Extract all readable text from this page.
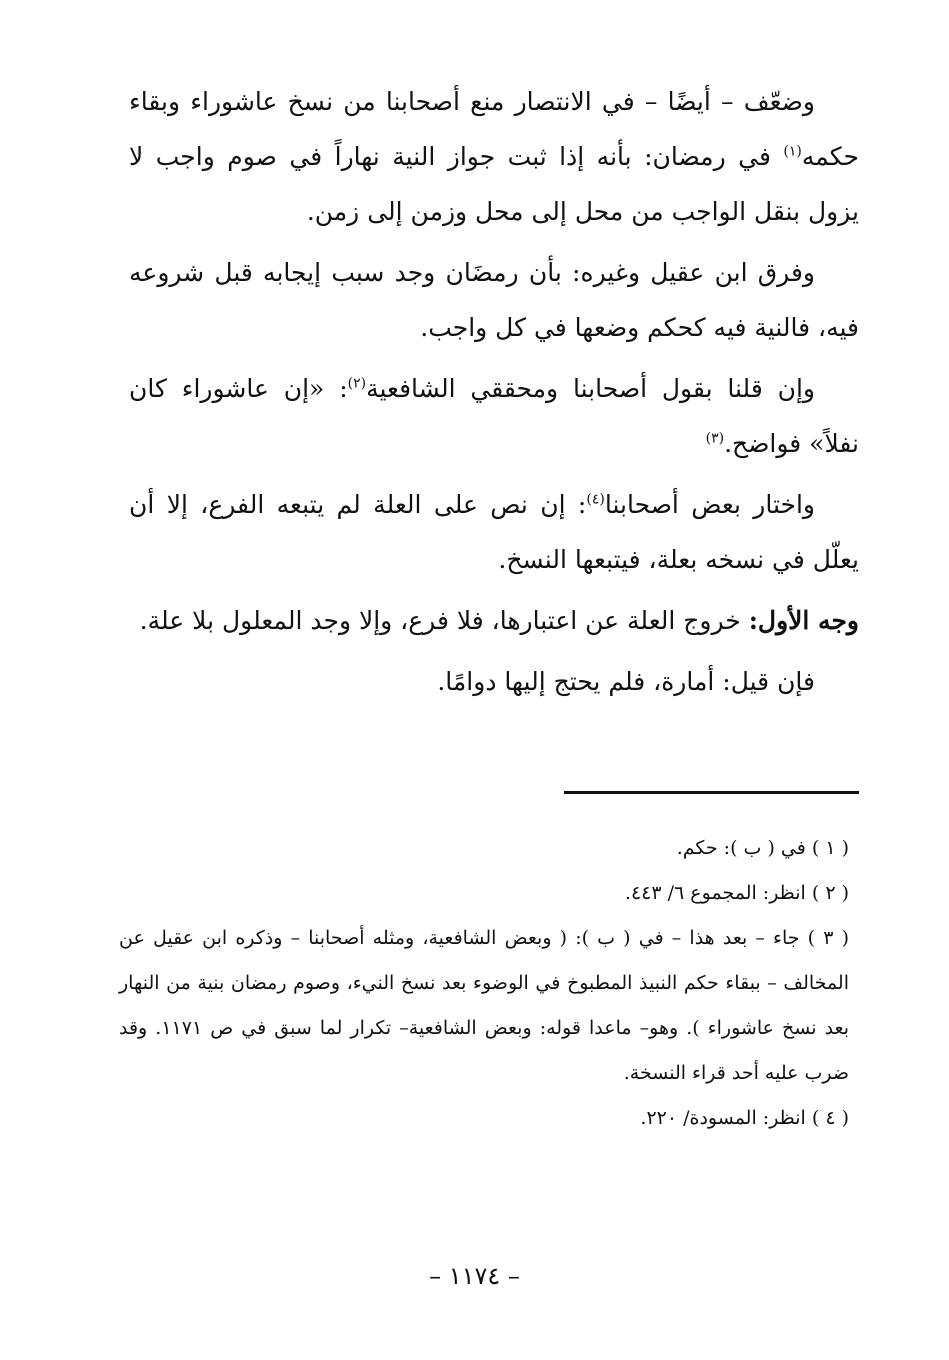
وضعّف – أيضًا – في الانتصار منع أصحابنا من نسخ عاشوراء وبقاء حكمه$^{(١)}$ في رمضان: بأنه إذا ثبت جواز النية نهاراً في صوم واجب لا يزول بنقل الواجب من محل إلى محل وزمن إلى زمن.

وفرق ابن عقيل وغيره: بأن رمضَان وجد سبب إيجابه قبل شروعه فيه، فالنية فيه كحكم وضعها في كل واجب.

وإن قلنا بقول أصحابنا ومحققي الشافعية$^{(٢)}$: «إن عاشوراء كان نفلاً» فواضح.$^{(٣)}$

واختار بعض أصحابنا$^{(٤)}$: إن نص على العلة لم يتبعه الفرع، إلا أن يعلّل في نسخه بعلة، فيتبعها النسخ.

وجه الأول: خروج العلة عن اعتبارها، فلا فرع، وإلا وجد المعلول بلا علة.

فإن قيل: أمارة، فلم يحتج إليها دوامًا.

( ١ ) في ( ب ): حكم.

( ٢ ) انظر: المجموع ٦/ ٤٤٣.

( ٣ ) جاء – بعد هذا – في ( ب ): ( وبعض الشافعية، ومثله أصحابنا – وذكره ابن عقيل عن المخالف – ببقاء حكم النبيذ المطبوخ في الوضوء بعد نسخ النيء، وصوم رمضان بنية من النهار بعد نسخ عاشوراء ). وهو– ماعدا قوله: وبعض الشافعية– تكرار لما سبق في ص ١١٧١. وقد ضرب عليه أحد قراء النسخة.

( ٤ ) انظر: المسودة/ ٢٢٠.

– ١١٧٤ –
